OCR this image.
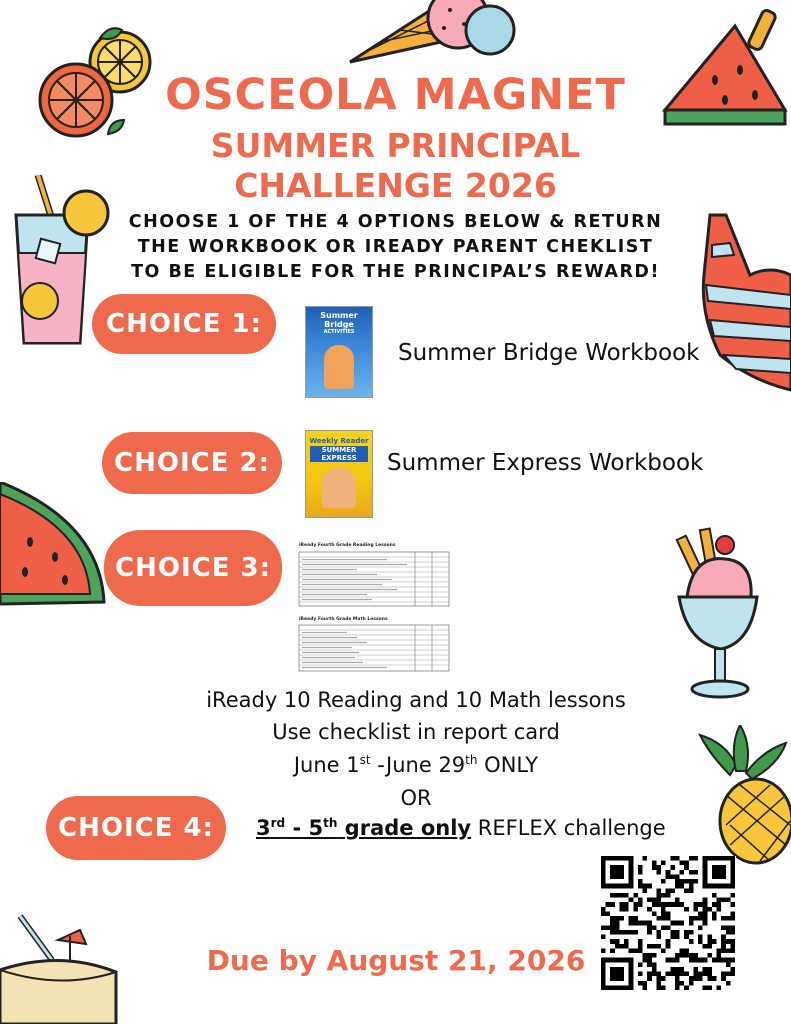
OSCEOLA MAGNET
SUMMER PRINCIPAL
CHALLENGE 2026
CHOOSE 1 OF THE 4 OPTIONS BELOW & RETURN
THE WORKBOOK OR IREADY PARENT CHEKLIST
TO BE ELIGIBLE FOR THE PRINCIPAL’S REWARD!
CHOICE 1:	Summer Bridge
ACTIVITIES
Summer Bridge Workbook
CHOICE 2:
Weekly Reader
SUMMER EXPRESS	Summer Express Workbook
CHOICE 3:
iReady Fourth Grade Reading Lessons
iReady Fourth Grade Math Lessons
iReady 10 Reading and 10 Math lessons
Use checklist in report card
June 1st -June 29th ONLY
OR
CHOICE 4:	3rd - 5th grade only REFLEX challenge
Due by August 21, 2026
